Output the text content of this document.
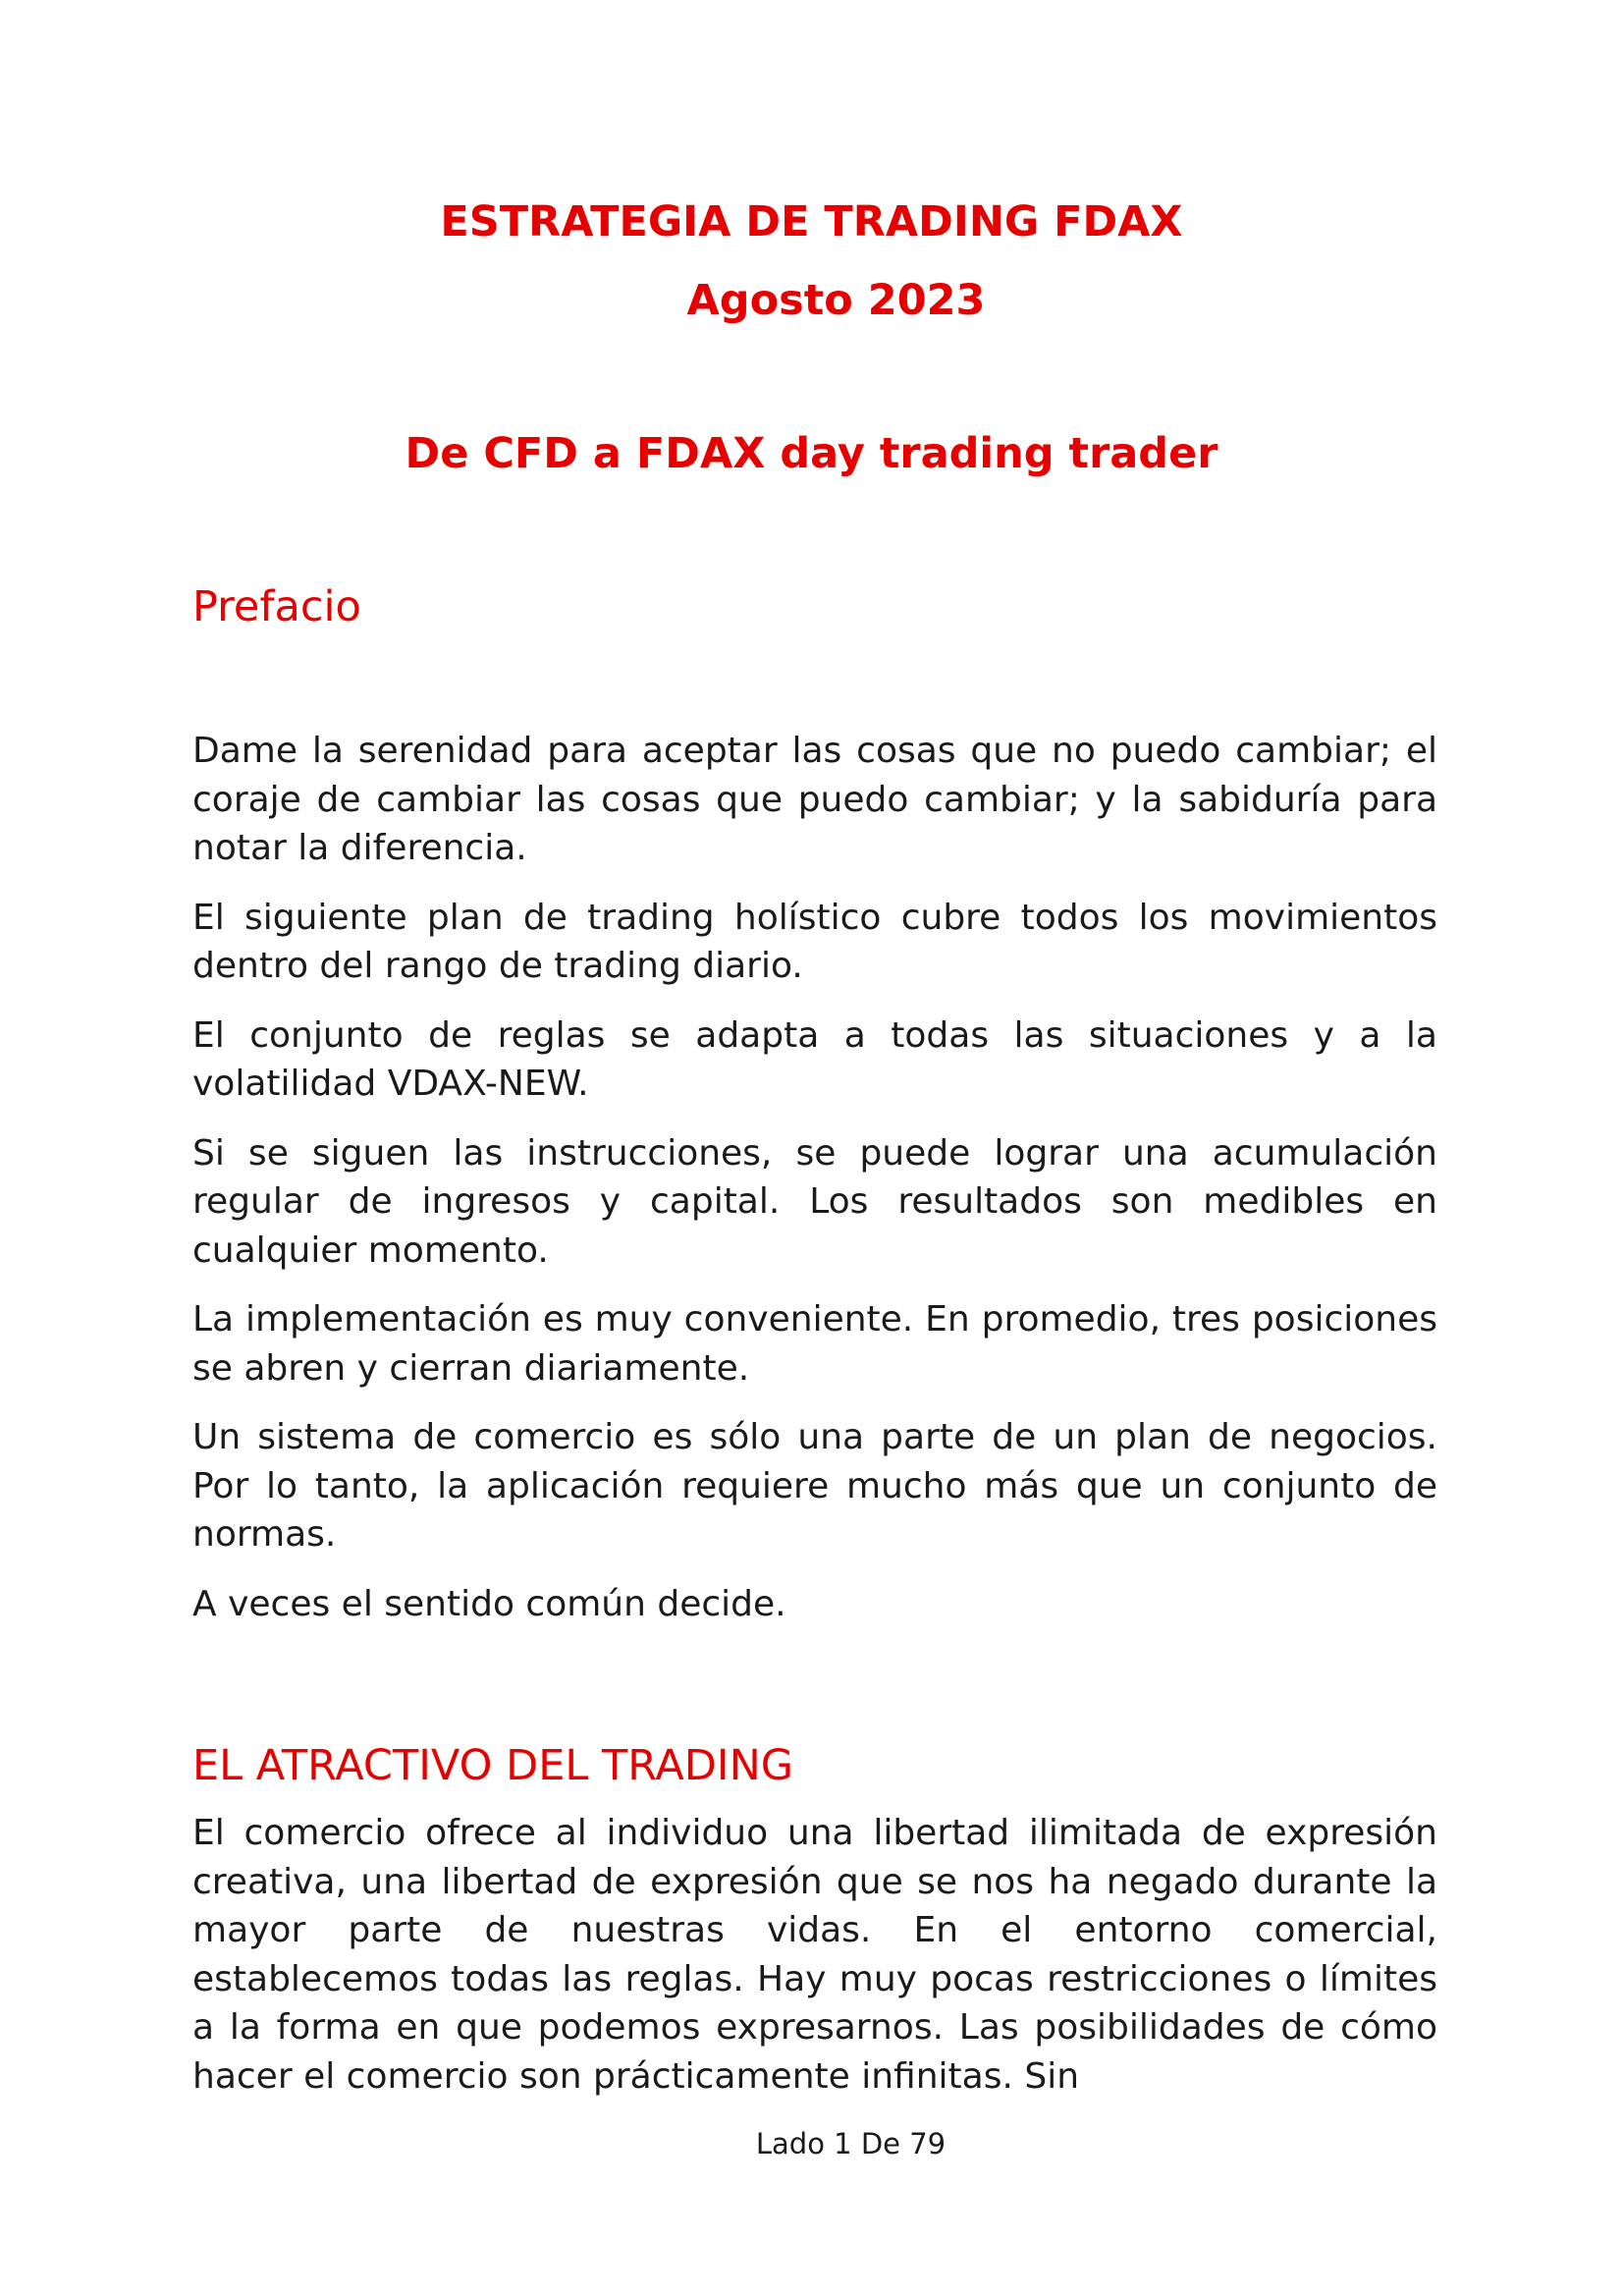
ESTRATEGIA DE TRADING FDAX
Agosto 2023
De CFD a FDAX day trading trader
Prefacio

Dame la serenidad para aceptar las cosas que no puedo cambiar; el coraje de cambiar las cosas que puedo cambiar; y la sabiduría para notar la diferencia.

El siguiente plan de trading holístico cubre todos los movimientos dentro del rango de trading diario.

El conjunto de reglas se adapta a todas las situaciones y a la volatilidad VDAX-NEW.

Si se siguen las instrucciones, se puede lograr una acumulación regular de ingresos y capital. Los resultados son medibles en cualquier momento.

La implementación es muy conveniente. En promedio, tres posiciones se abren y cierran diariamente.

Un sistema de comercio es sólo una parte de un plan de negocios. Por lo tanto, la aplicación requiere mucho más que un conjunto de normas.

A veces el sentido común decide.

EL ATRACTIVO DEL TRADING

El comercio ofrece al individuo una libertad ilimitada de expresión creativa, una libertad de expresión que se nos ha negado durante la mayor parte de nuestras vidas. En el entorno comercial, establecemos todas las reglas. Hay muy pocas restricciones o límites a la forma en que podemos expresarnos. Las posibilidades de cómo hacer el comercio son prácticamente infinitas. Sin

Lado 1 De 79
